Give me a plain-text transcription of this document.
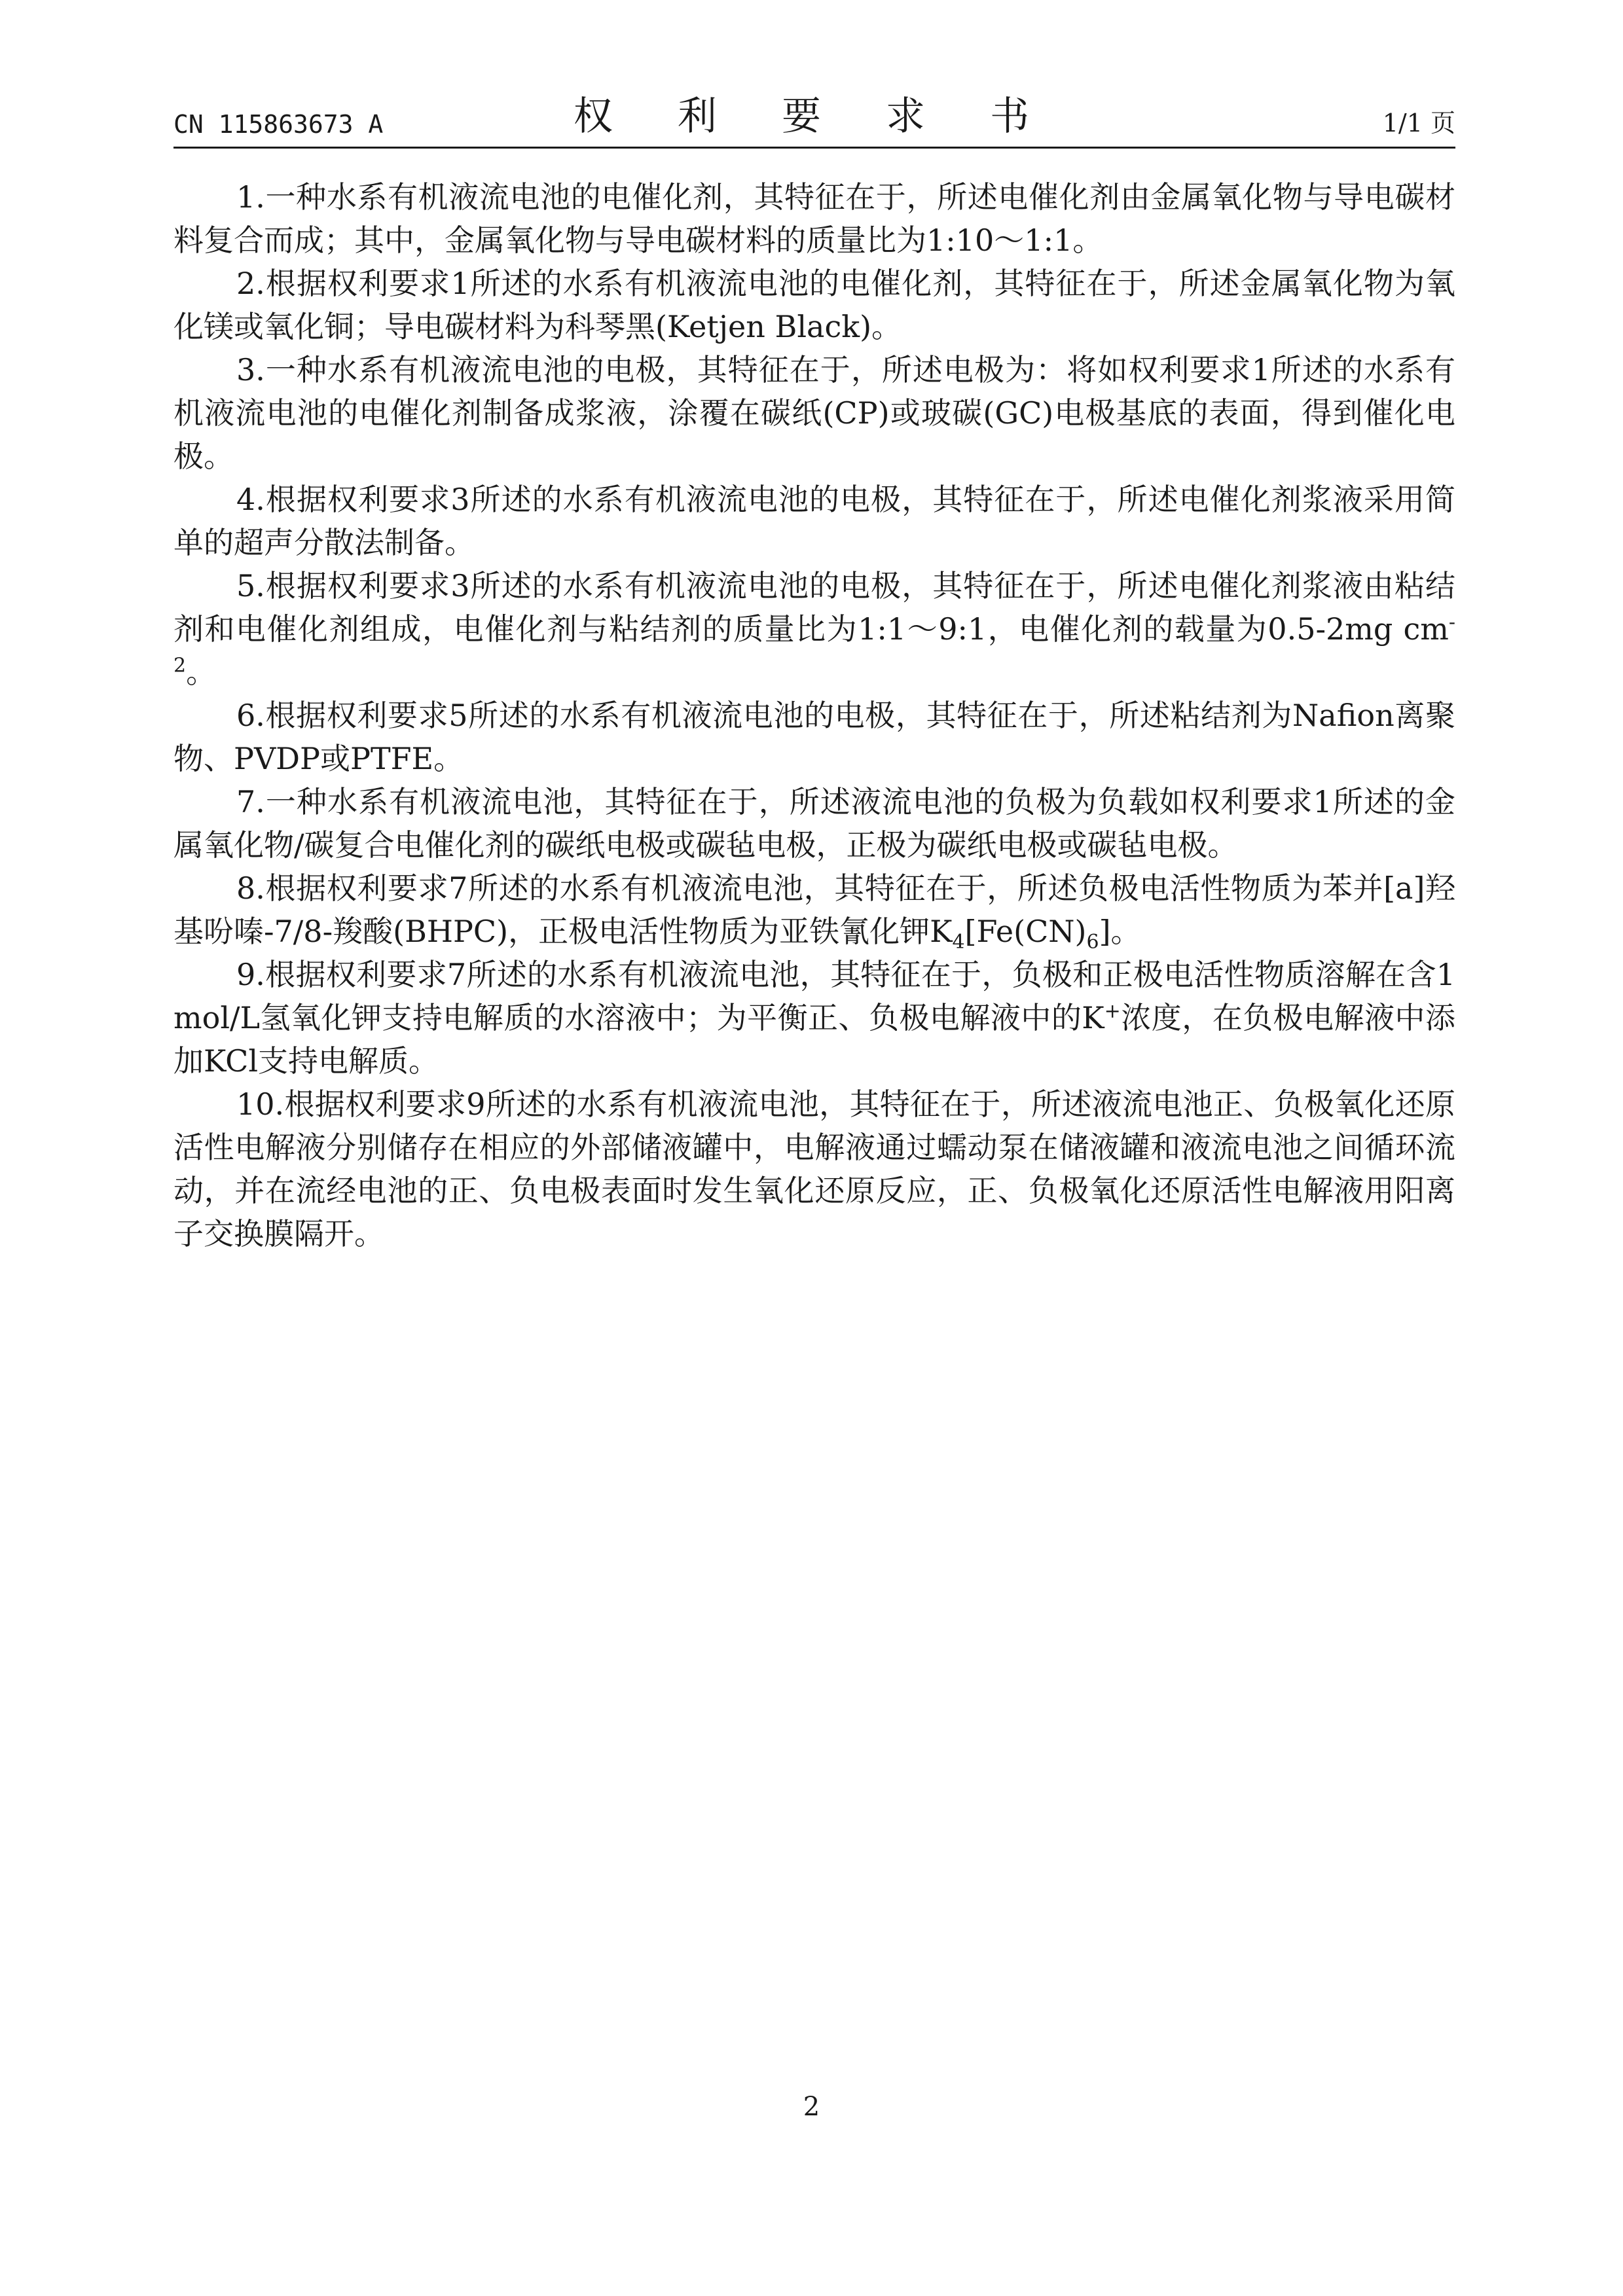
CN 115863673 A	权 利 要 求 书	1/1 页

1.一种水系有机液流电池的电催化剂，其特征在于，所述电催化剂由金属氧化物与导电碳材料复合而成；其中，金属氧化物与导电碳材料的质量比为1:10～1:1。

2.根据权利要求1所述的水系有机液流电池的电催化剂，其特征在于，所述金属氧化物为氧化镁或氧化铜；导电碳材料为科琴黑(Ketjen Black)。

3.一种水系有机液流电池的电极，其特征在于，所述电极为：将如权利要求1所述的水系有机液流电池的电催化剂制备成浆液，涂覆在碳纸(CP)或玻碳(GC)电极基底的表面，得到催化电极。

4.根据权利要求3所述的水系有机液流电池的电极，其特征在于，所述电催化剂浆液采用简单的超声分散法制备。

5.根据权利要求3所述的水系有机液流电池的电极，其特征在于，所述电催化剂浆液由粘结剂和电催化剂组成，电催化剂与粘结剂的质量比为1:1～9:1，电催化剂的载量为0.5-2mg $cm^{-2}$。

6.根据权利要求5所述的水系有机液流电池的电极，其特征在于，所述粘结剂为Nafion离聚物、PVDP或PTFE。

7.一种水系有机液流电池，其特征在于，所述液流电池的负极为负载如权利要求1所述的金属氧化物/碳复合电催化剂的碳纸电极或碳毡电极，正极为碳纸电极或碳毡电极。

8.根据权利要求7所述的水系有机液流电池，其特征在于，所述负极电活性物质为苯并[a]羟基吩嗪-7/8-羧酸(BHPC)，正极电活性物质为亚铁氰化钾$K_4[Fe(CN)_6]$。

9.根据权利要求7所述的水系有机液流电池，其特征在于，负极和正极电活性物质溶解在含1mol/L氢氧化钾支持电解质的水溶液中；为平衡正、负极电解液中的K+浓度，在负极电解液中添加KCl支持电解质。

10.根据权利要求9所述的水系有机液流电池，其特征在于，所述液流电池正、负极氧化还原活性电解液分别储存在相应的外部储液罐中，电解液通过蠕动泵在储液罐和液流电池之间循环流动，并在流经电池的正、负电极表面时发生氧化还原反应，正、负极氧化还原活性电解液用阳离子交换膜隔开。

2
